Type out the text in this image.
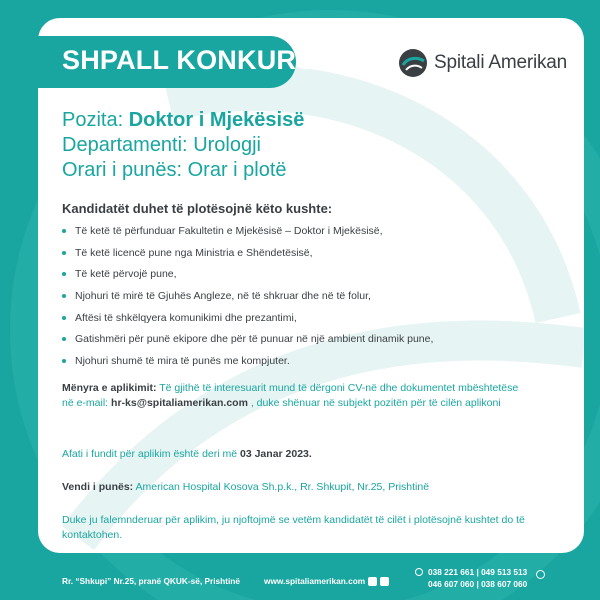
SHPALL KONKURS	Spitali Amerikan
Pozita: Doktor i Mjekësisë
Departamenti: Urologji
Orari i punës: Orar i plotë
Kandidatët duhet të plotësojnë këto kushte:
Të ketë të përfunduar Fakultetin e Mjekësisë – Doktor i Mjekësisë,
Të ketë licencë pune nga Ministria e Shëndetësisë,
Të ketë përvojë pune,
Njohuri të mirë të Gjuhës Angleze, në të shkruar dhe në të folur,
Aftësi të shkëlqyera komunikimi dhe prezantimi,
Gatishmëri për punë ekipore dhe për të punuar në një ambient dinamik pune,
Njohuri shumë të mira të punës me kompjuter.
Mënyra e aplikimit: Të gjithë të interesuarit mund të dërgoni CV-në dhe dokumentet mbështetëse në e-mail: hr-ks@spitaliamerikan.com , duke shënuar në subjekt pozitën për të cilën aplikoni
Afati i fundit për aplikim është deri më 03 Janar 2023.
Vendi i punës: American Hospital Kosova Sh.p.k., Rr. Shkupit, Nr.25, Prishtinë
Duke ju falemnderuar për aplikim, ju njoftojmë se vetëm kandidatët të cilët i plotësojnë kushtet do të kontaktohen.
Rr. “Shkupi” Nr.25, pranë QKUK-së, Prishtinë	www.spitaliamerikan.com
038 221 661 | 049 513 513
046 607 060 | 038 607 060
